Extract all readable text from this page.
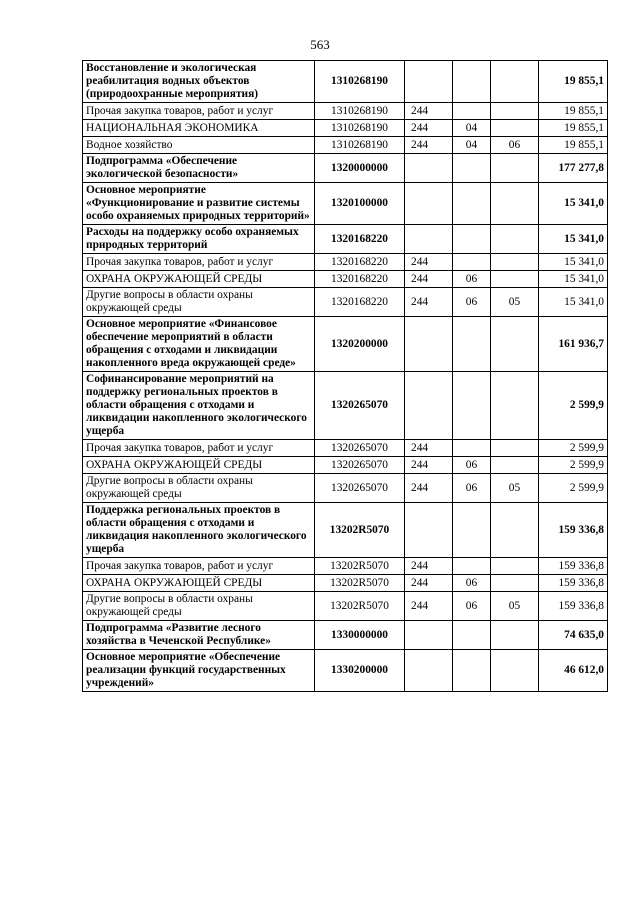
563
Восстановление и экологическая реабилитация водных объектов (природоохранные мероприятия)	1310268190				19 855,1
Прочая закупка товаров, работ и услуг	1310268190	244			19 855,1
НАЦИОНАЛЬНАЯ ЭКОНОМИКА	1310268190	244	04		19 855,1
Водное хозяйство	1310268190	244	04	06	19 855,1
Подпрограмма «Обеспечение экологической безопасности»	1320000000				177 277,8
Основное мероприятие «Функционирование и развитие системы особо охраняемых природных территорий»	1320100000				15 341,0
Расходы на поддержку особо охраняемых природных территорий	1320168220				15 341,0
Прочая закупка товаров, работ и услуг	1320168220	244			15 341,0
ОХРАНА ОКРУЖАЮЩЕЙ СРЕДЫ	1320168220	244	06		15 341,0
Другие вопросы в области охраны окружающей среды	1320168220	244	06	05	15 341,0
Основное мероприятие «Финансовое обеспечение мероприятий в области обращения с отходами и ликвидации накопленного вреда окружающей среде»	1320200000				161 936,7
Софинансирование мероприятий на поддержку региональных проектов в области обращения с отходами и ликвидации накопленного экологического ущерба	1320265070				2 599,9
Прочая закупка товаров, работ и услуг	1320265070	244			2 599,9
ОХРАНА ОКРУЖАЮЩЕЙ СРЕДЫ	1320265070	244	06		2 599,9
Другие вопросы в области охраны окружающей среды	1320265070	244	06	05	2 599,9
Поддержка региональных проектов в области обращения с отходами и ликвидация накопленного экологического ущерба	13202R5070				159 336,8
Прочая закупка товаров, работ и услуг	13202R5070	244			159 336,8
ОХРАНА ОКРУЖАЮЩЕЙ СРЕДЫ	13202R5070	244	06		159 336,8
Другие вопросы в области охраны окружающей среды	13202R5070	244	06	05	159 336,8
Подпрограмма «Развитие лесного хозяйства в Чеченской Республике»	1330000000				74 635,0
Основное мероприятие «Обеспечение реализации функций государственных учреждений»	1330200000				46 612,0
